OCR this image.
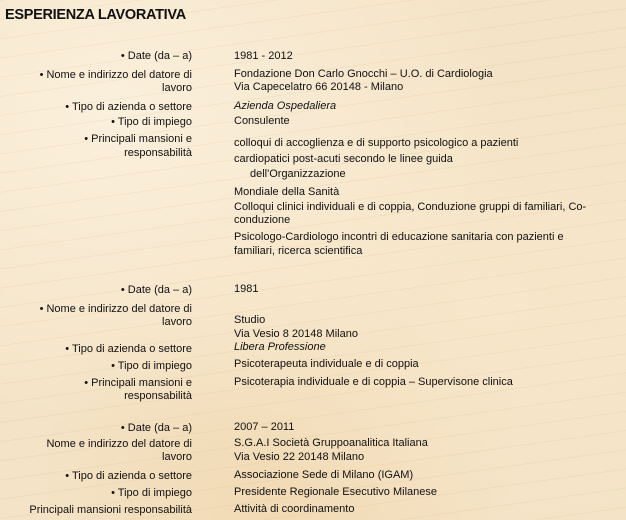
ESPERIENZA LAVORATIVA
• Date (da – a)
• Nome e indirizzo del datore di
lavoro
• Tipo di azienda o settore
• Tipo di impiego
• Principali mansioni e
responsabilità
1981 - 2012
Fondazione Don Carlo Gnocchi – U.O. di Cardiologia
Via Capecelatro 66 20148 - Milano
Azienda Ospedaliera
Consulente
colloqui di accoglienza e di supporto psicologico a pazienti
cardiopatici post-acuti secondo le linee guida
dell'Organizzazione
Mondiale della Sanità
Colloqui clinici individuali e di coppia, Conduzione gruppi di familiari, Co-
conduzione
Psicologo-Cardiologo incontri di educazione sanitaria con pazienti e
familiari, ricerca scientifica
• Date (da – a)
• Nome e indirizzo del datore di
lavoro
• Tipo di azienda o settore
• Tipo di impiego
• Principali mansioni e
responsabilità
1981
Studio
Via Vesio 8 20148 Milano
Libera Professione
Psicoterapeuta individuale e di coppia
Psicoterapia individuale e di coppia – Supervisone clinica
• Date (da – a)
Nome e indirizzo del datore di
lavoro
• Tipo di azienda o settore
• Tipo di impiego
Principali mansioni responsabilità
2007 – 2011
S.G.A.I Società Gruppoanalitica Italiana
Via Vesio 22 20148 Milano
Associazione Sede di Milano (IGAM)
Presidente Regionale Esecutivo Milanese
Attività di coordinamento
